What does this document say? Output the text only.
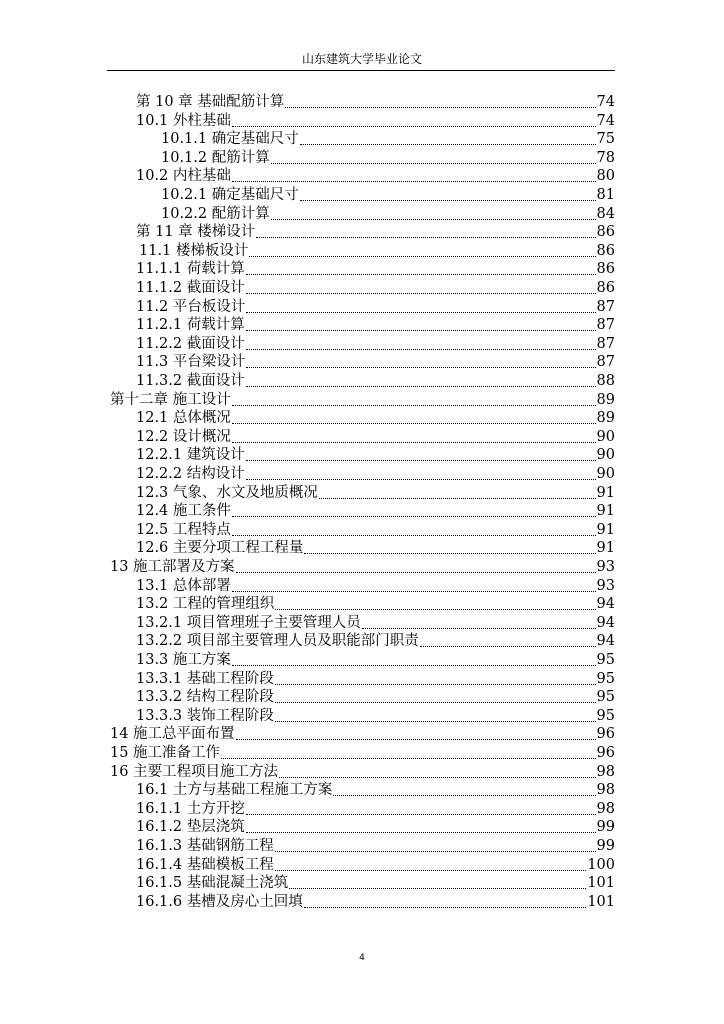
山东建筑大学毕业论文
第 10 章 基础配筋计算	74
10.1 外柱基础	74
10.1.1 确定基础尺寸	75
10.1.2 配筋计算	78
10.2 内柱基础	80
10.2.1 确定基础尺寸	81
10.2.2 配筋计算	84
第 11 章 楼梯设计	86
11.1 楼梯板设计	86
11.1.1 荷载计算	86
11.1.2 截面设计	86
11.2 平台板设计	87
11.2.1 荷载计算	87
11.2.2 截面设计	87
11.3 平台梁设计	87
11.3.2 截面设计	88
第十二章 施工设计	89
12.1 总体概况	89
12.2 设计概况	90
12.2.1 建筑设计	90
12.2.2 结构设计	90
12.3 气象、水文及地质概况	91
12.4 施工条件	91
12.5 工程特点	91
12.6 主要分项工程工程量	91
13 施工部署及方案	93
13.1 总体部署	93
13.2 工程的管理组织	94
13.2.1 项目管理班子主要管理人员	94
13.2.2 项目部主要管理人员及职能部门职责	94
13.3 施工方案	95
13.3.1 基础工程阶段	95
13.3.2 结构工程阶段	95
13.3.3 装饰工程阶段	95
14 施工总平面布置	96
15 施工准备工作	96
16 主要工程项目施工方法	98
16.1 土方与基础工程施工方案	98
16.1.1 土方开挖	98
16.1.2 垫层浇筑	99
16.1.3 基础钢筋工程	99
16.1.4 基础模板工程	100
16.1.5 基础混凝土浇筑	101
16.1.6 基槽及房心土回填	101
4
